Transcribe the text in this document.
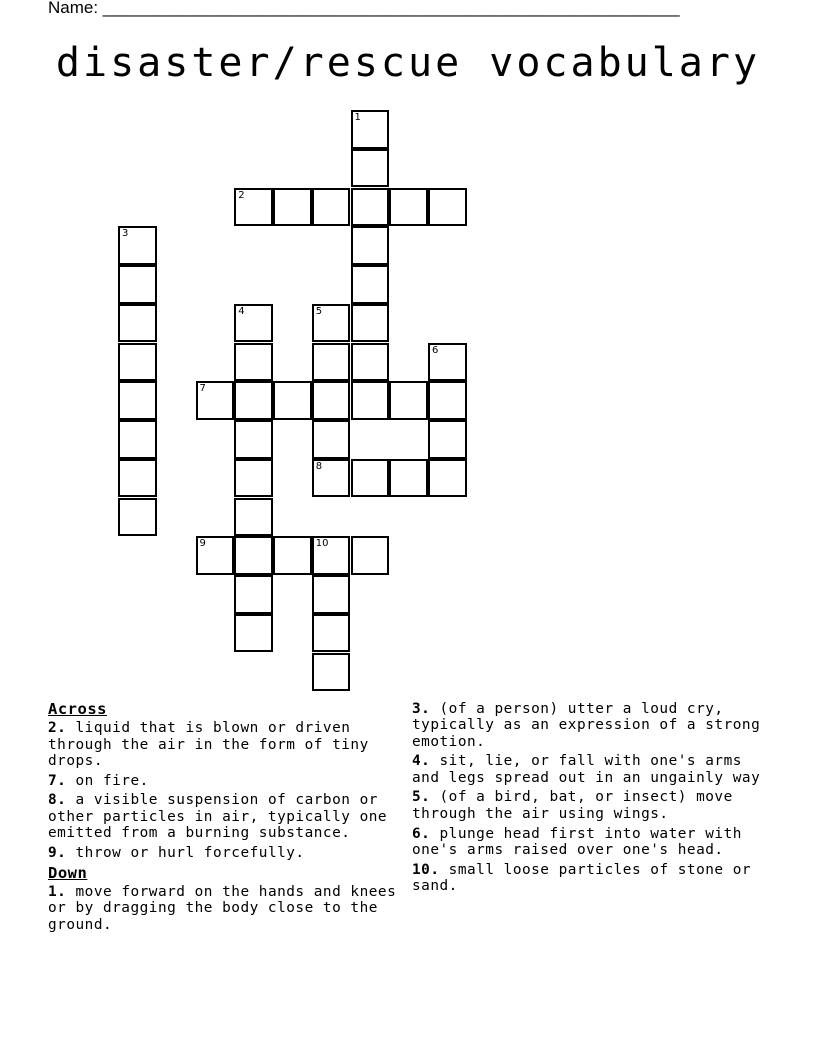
Name: _____________________________________________________________
disaster/rescue vocabulary
1
2
3
4	5
6
7
8
9	10
Across
2. liquid that is blown or driven through the air in the form of tiny drops.
7. on fire.
8. a visible suspension of carbon or other particles in air, typically one emitted from a burning substance.
9. throw or hurl forcefully.
Down
1. move forward on the hands and knees or by dragging the body close to the ground.
3. (of a person) utter a loud cry, typically as an expression of a strong emotion.
4. sit, lie, or fall with one's arms and legs spread out in an ungainly way
5. (of a bird, bat, or insect) move through the air using wings.
6. plunge head first into water with one's arms raised over one's head.
10. small loose particles of stone or sand.
